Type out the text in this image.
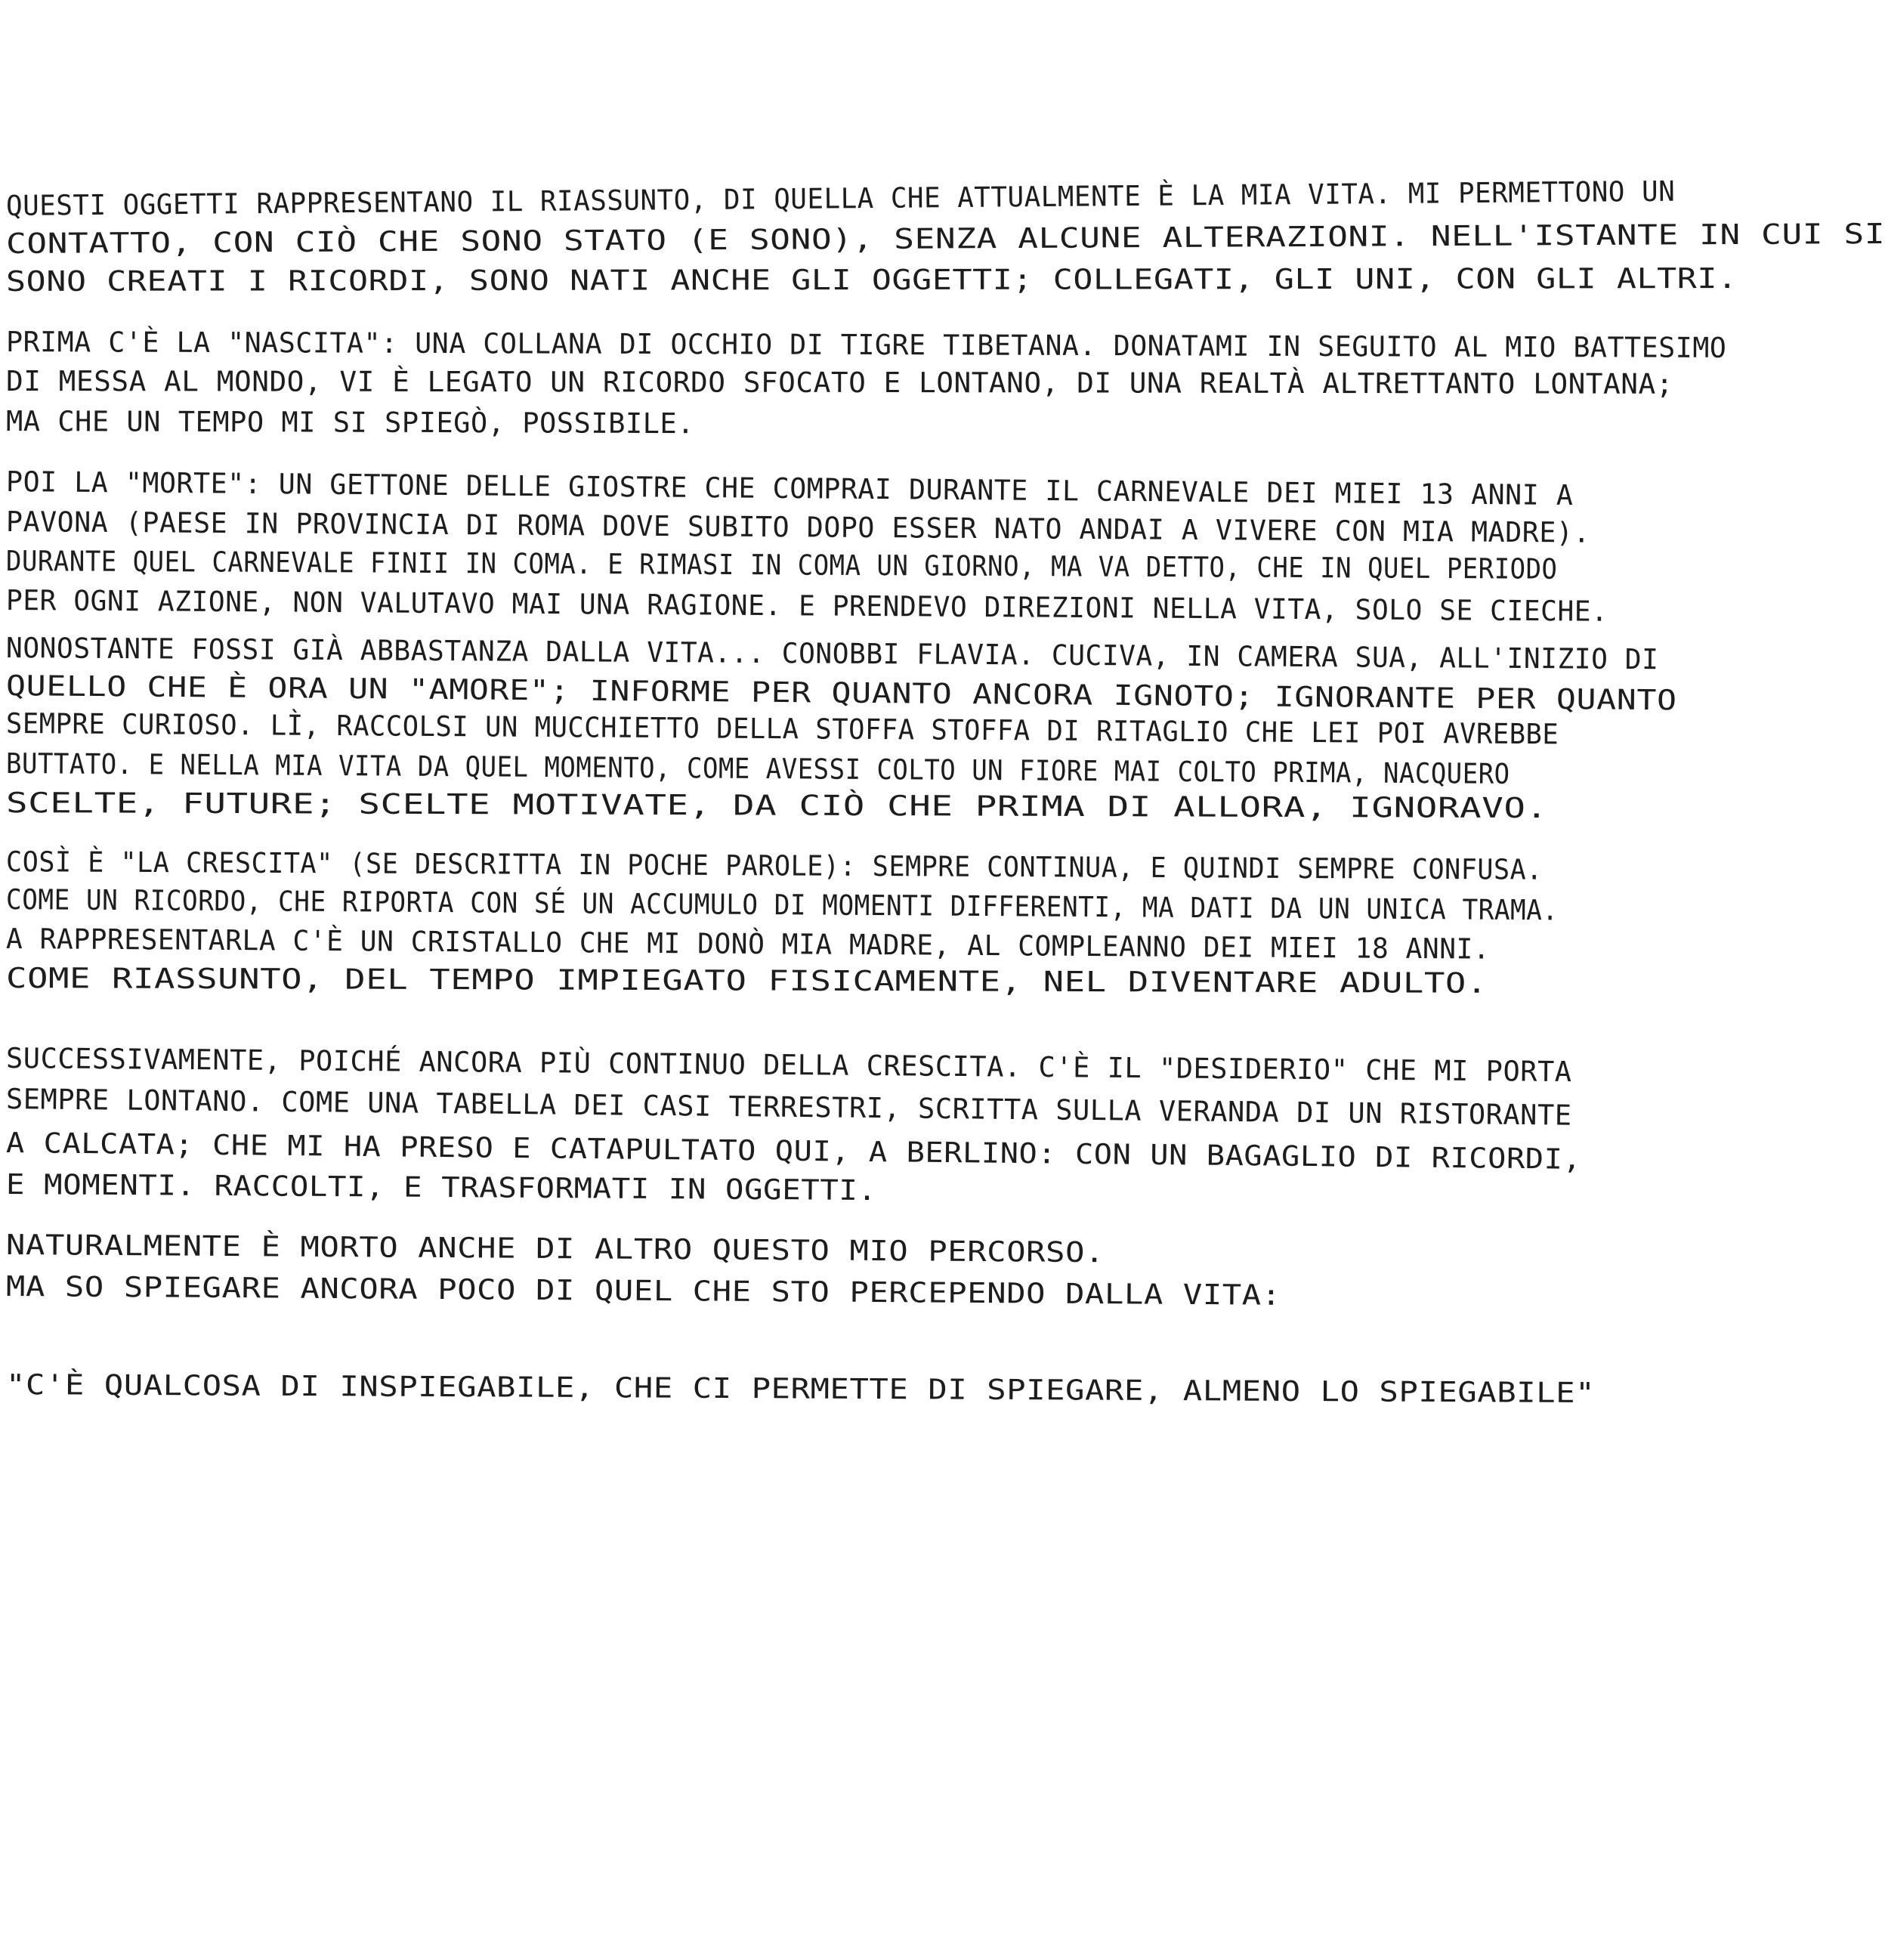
QUESTI OGGETTI RAPPRESENTANO IL RIASSUNTO, DI QUELLA CHE ATTUALMENTE È LA MIA VITA. MI PERMETTONO UN
CONTATTO, CON CIÒ CHE SONO STATO (E SONO), SENZA ALCUNE ALTERAZIONI. NELL'ISTANTE IN CUI SI
SONO CREATI I RICORDI, SONO NATI ANCHE GLI OGGETTI; COLLEGATI, GLI UNI, CON GLI ALTRI.
PRIMA C'È LA "NASCITA": UNA COLLANA DI OCCHIO DI TIGRE TIBETANA. DONATAMI IN SEGUITO AL MIO BATTESIMO
DI MESSA AL MONDO, VI È LEGATO UN RICORDO SFOCATO E LONTANO, DI UNA REALTÀ ALTRETTANTO LONTANA;
MA CHE UN TEMPO MI SI SPIEGÒ, POSSIBILE.
POI LA "MORTE": UN GETTONE DELLE GIOSTRE CHE COMPRAI DURANTE IL CARNEVALE DEI MIEI 13 ANNI A
PAVONA (PAESE IN PROVINCIA DI ROMA DOVE SUBITO DOPO ESSER NATO ANDAI A VIVERE CON MIA MADRE).
DURANTE QUEL CARNEVALE FINII IN COMA. E RIMASI IN COMA UN GIORNO, MA VA DETTO, CHE IN QUEL PERIODO
PER OGNI AZIONE, NON VALUTAVO MAI UNA RAGIONE. E PRENDEVO DIREZIONI NELLA VITA, SOLO SE CIECHE.
NONOSTANTE FOSSI GIÀ ABBASTANZA DALLA VITA... CONOBBI FLAVIA. CUCIVA, IN CAMERA SUA, ALL'INIZIO DI
QUELLO CHE È ORA UN "AMORE"; INFORME PER QUANTO ANCORA IGNOTO; IGNORANTE PER QUANTO
SEMPRE CURIOSO. LÌ, RACCOLSI UN MUCCHIETTO DELLA STOFFA STOFFA DI RITAGLIO CHE LEI POI AVREBBE
BUTTATO. E NELLA MIA VITA DA QUEL MOMENTO, COME AVESSI COLTO UN FIORE MAI COLTO PRIMA, NACQUERO
SCELTE, FUTURE; SCELTE MOTIVATE, DA CIÒ CHE PRIMA DI ALLORA, IGNORAVO.
COSÌ È "LA CRESCITA" (SE DESCRITTA IN POCHE PAROLE): SEMPRE CONTINUA, E QUINDI SEMPRE CONFUSA.
COME UN RICORDO, CHE RIPORTA CON SÉ UN ACCUMULO DI MOMENTI DIFFERENTI, MA DATI DA UN UNICA TRAMA.
A RAPPRESENTARLA C'È UN CRISTALLO CHE MI DONÒ MIA MADRE, AL COMPLEANNO DEI MIEI 18 ANNI.
COME RIASSUNTO, DEL TEMPO IMPIEGATO FISICAMENTE, NEL DIVENTARE ADULTO.
SUCCESSIVAMENTE, POICHÉ ANCORA PIÙ CONTINUO DELLA CRESCITA. C'È IL "DESIDERIO" CHE MI PORTA
SEMPRE LONTANO. COME UNA TABELLA DEI CASI TERRESTRI, SCRITTA SULLA VERANDA DI UN RISTORANTE
A CALCATA; CHE MI HA PRESO E CATAPULTATO QUI, A BERLINO: CON UN BAGAGLIO DI RICORDI,
E MOMENTI. RACCOLTI, E TRASFORMATI IN OGGETTI.
NATURALMENTE È MORTO ANCHE DI ALTRO QUESTO MIO PERCORSO.
MA SO SPIEGARE ANCORA POCO DI QUEL CHE STO PERCEPENDO DALLA VITA:
"C'È QUALCOSA DI INSPIEGABILE, CHE CI PERMETTE DI SPIEGARE, ALMENO LO SPIEGABILE"
